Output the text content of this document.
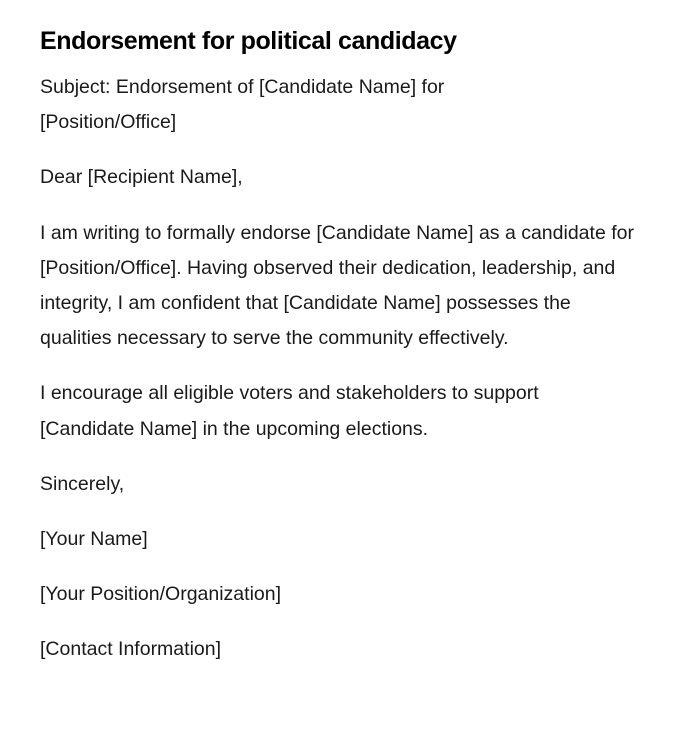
Endorsement for political candidacy

Subject: Endorsement of [Candidate Name] for [Position/Office]

Dear [Recipient Name],

I am writing to formally endorse [Candidate Name] as a candidate for [Position/Office]. Having observed their dedication, leadership, and integrity, I am confident that [Candidate Name] possesses the qualities necessary to serve the community effectively.

I encourage all eligible voters and stakeholders to support [Candidate Name] in the upcoming elections.

Sincerely,

[Your Name]

[Your Position/Organization]

[Contact Information]
